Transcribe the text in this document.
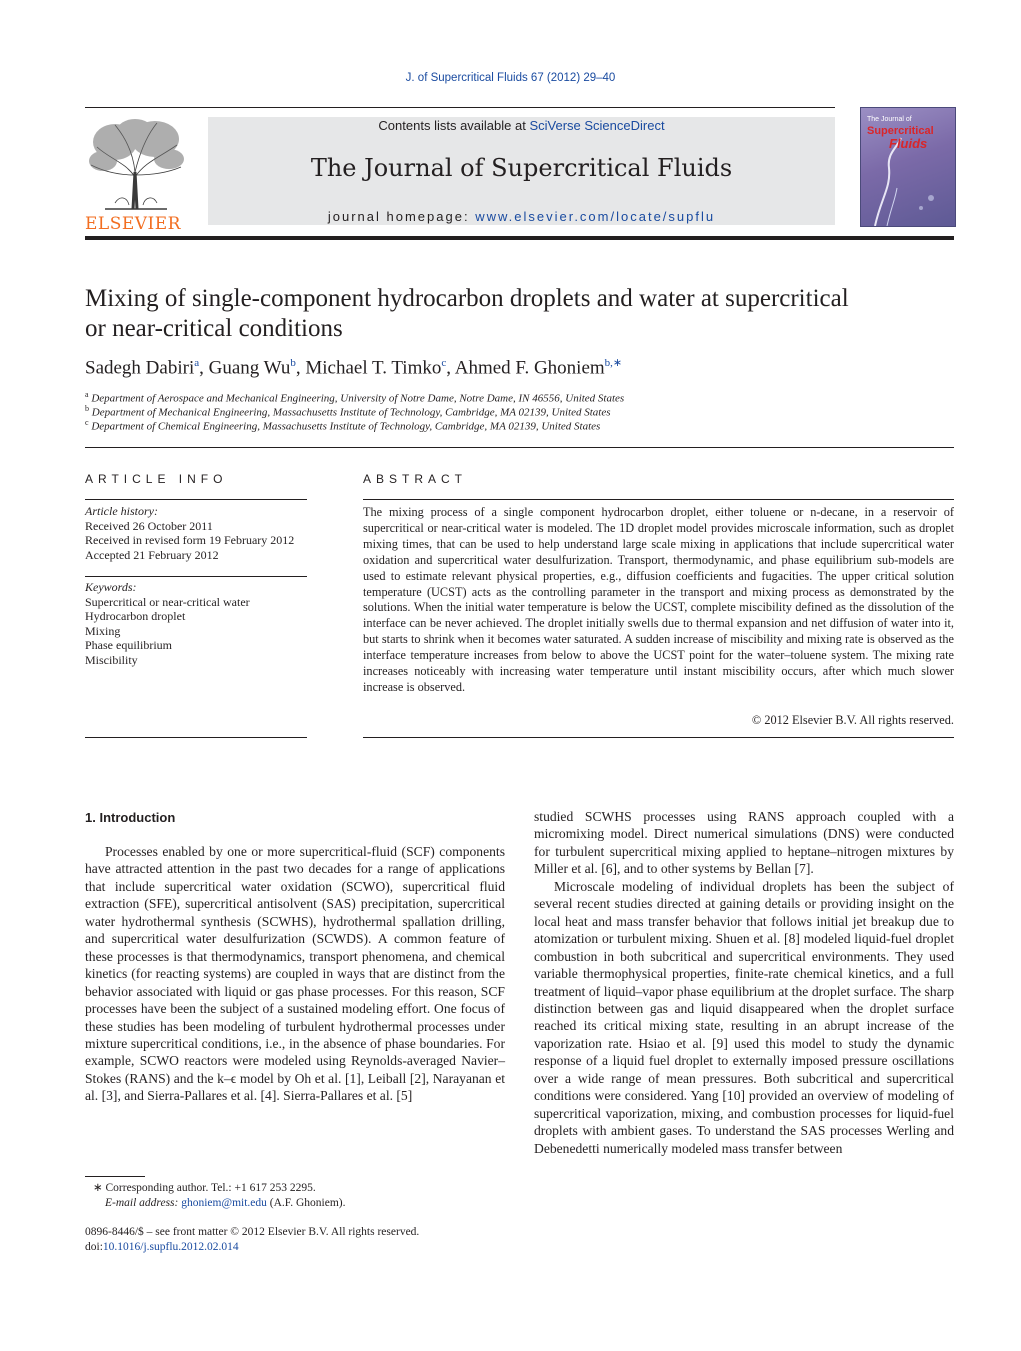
J. of Supercritical Fluids 67 (2012) 29–40
ELSEVIER
Contents lists available at SciVerse ScienceDirect
The Journal of Supercritical Fluids
journal homepage: www.elsevier.com/locate/supflu
The Journal of
Supercritical
Fluids
Mixing of single-component hydrocarbon droplets and water at supercritical
or near-critical conditions
Sadegh Dabiri$^a$, Guang Wu$^b$, Michael T. Timko$^c$, Ahmed F. Ghoniem$^{b,∗}$
$^a$ Department of Aerospace and Mechanical Engineering, University of Notre Dame, Notre Dame, IN 46556, United States
$^b$ Department of Mechanical Engineering, Massachusetts Institute of Technology, Cambridge, MA 02139, United States
$^c$ Department of Chemical Engineering, Massachusetts Institute of Technology, Cambridge, MA 02139, United States
ARTICLE INFO
Article history:
Received 26 October 2011
Received in revised form 19 February 2012
Accepted 21 February 2012
Keywords:
Supercritical or near-critical water
Hydrocarbon droplet
Mixing
Phase equilibrium
Miscibility
ABSTRACT
The mixing process of a single component hydrocarbon droplet, either toluene or n-decane, in a reservoir of supercritical or near-critical water is modeled. The 1D droplet model provides microscale information, such as droplet mixing times, that can be used to help understand large scale mixing in applications that include supercritical water oxidation and supercritical water desulfurization. Transport, thermodynamic, and phase equilibrium sub-models are used to estimate relevant physical properties, e.g., diffusion coefficients and fugacities. The upper critical solution temperature (UCST) acts as the controlling parameter in the transport and mixing process as demonstrated by the solutions. When the initial water temperature is below the UCST, complete miscibility defined as the dissolution of the interface can be never achieved. The droplet initially swells due to thermal expansion and net diffusion of water into it, but starts to shrink when it becomes water saturated. A sudden increase of miscibility and mixing rate is observed as the interface temperature increases from below to above the UCST point for the water–toluene system. The mixing rate increases noticeably with increasing water temperature until instant miscibility occurs, after which much slower increase is observed.
© 2012 Elsevier B.V. All rights reserved.
1. Introduction

Processes enabled by one or more supercritical-fluid (SCF) components have attracted attention in the past two decades for a range of applications that include supercritical water oxidation (SCWO), supercritical fluid extraction (SFE), supercritical antisolvent (SAS) precipitation, supercritical water hydrothermal synthesis (SCWHS), hydrothermal spallation drilling, and supercritical water desulfurization (SCWDS). A common feature of these processes is that thermodynamics, transport phenomena, and chemical kinetics (for reacting systems) are coupled in ways that are distinct from the behavior associated with liquid or gas phase processes. For this reason, SCF processes have been the subject of a sustained modeling effort. One focus of these studies has been modeling of turbulent hydrothermal processes under mixture supercritical conditions, i.e., in the absence of phase boundaries. For example, SCWO reactors were modeled using Reynolds-averaged Navier–Stokes (RANS) and the k–ϵ model by Oh et al. [1], Leiball [2], Narayanan et al. [3], and Sierra-Pallares et al. [4]. Sierra-Pallares et al. [5]

studied SCWHS processes using RANS approach coupled with a micromixing model. Direct numerical simulations (DNS) were conducted for turbulent supercritical mixing applied to heptane–nitrogen mixtures by Miller et al. [6], and to other systems by Bellan [7].

Microscale modeling of individual droplets has been the subject of several recent studies directed at gaining details or providing insight on the local heat and mass transfer behavior that follows initial jet breakup due to atomization or turbulent mixing. Shuen et al. [8] modeled liquid-fuel droplet combustion in both subcritical and supercritical environments. They used variable thermophysical properties, finite-rate chemical kinetics, and a full treatment of liquid–vapor phase equilibrium at the droplet surface. The sharp distinction between gas and liquid disappeared when the droplet surface reached its critical mixing state, resulting in an abrupt increase of the vaporization rate. Hsiao et al. [9] used this model to study the dynamic response of a liquid fuel droplet to externally imposed pressure oscillations over a wide range of mean pressures. Both subcritical and supercritical conditions were considered. Yang [10] provided an overview of modeling of supercritical vaporization, mixing, and combustion processes for liquid-fuel droplets with ambient gases. To understand the SAS processes Werling and Debenedetti numerically modeled mass transfer between

∗ Corresponding author. Tel.: +1 617 253 2295.
E-mail address: ghoniem@mit.edu (A.F. Ghoniem).
0896-8446/$ – see front matter © 2012 Elsevier B.V. All rights reserved.
doi:10.1016/j.supflu.2012.02.014
